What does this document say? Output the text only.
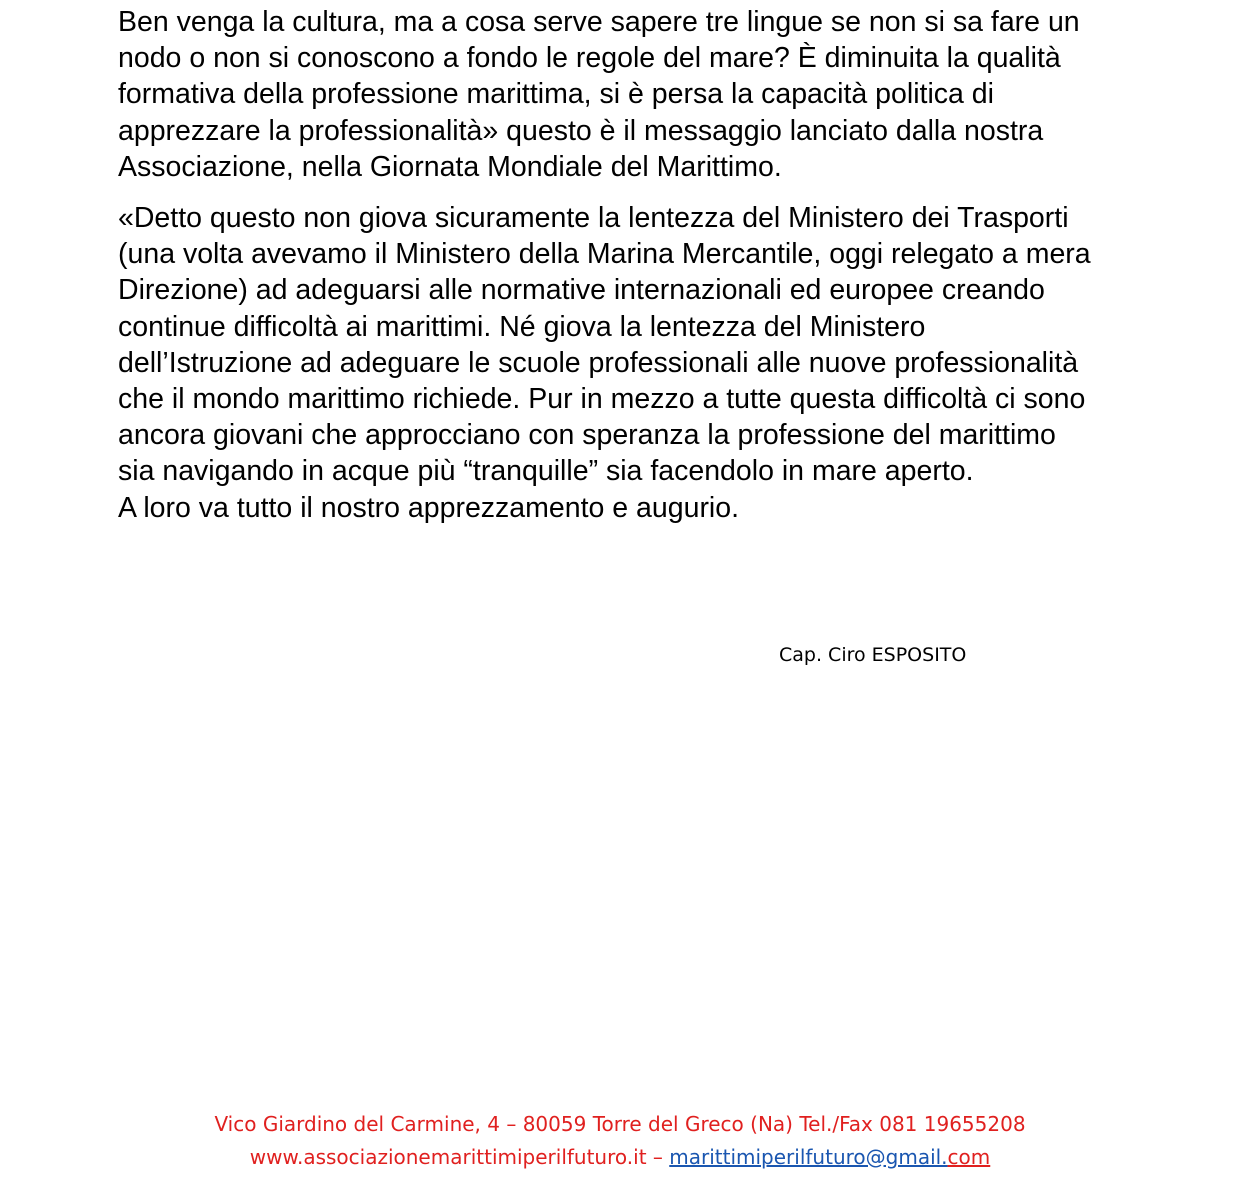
Ben venga la cultura, ma a cosa serve sapere tre lingue se non si sa fare un
nodo o non si conoscono a fondo le regole del mare? È diminuita la qualità
formativa della professione marittima, si è persa la capacità politica di
apprezzare la professionalità» questo è il messaggio lanciato dalla nostra
Associazione, nella Giornata Mondiale del Marittimo.

«Detto questo non giova sicuramente la lentezza del Ministero dei Trasporti
(una volta avevamo il Ministero della Marina Mercantile, oggi relegato a mera
Direzione) ad adeguarsi alle normative internazionali ed europee creando
continue difficoltà ai marittimi. Né giova la lentezza del Ministero
dell’Istruzione ad adeguare le scuole professionali alle nuove professionalità
che il mondo marittimo richiede. Pur in mezzo a tutte questa difficoltà ci sono
ancora giovani che approcciano con speranza la professione del marittimo
sia navigando in acque più “tranquille” sia facendolo in mare aperto.
A loro va tutto il nostro apprezzamento e augurio.

Cap. Ciro ESPOSITO
Vico Giardino del Carmine, 4 – 80059 Torre del Greco (Na) Tel./Fax 081 19655208
www.associazionemarittimiperilfuturo.it – marittimiperilfuturo@gmail.com
